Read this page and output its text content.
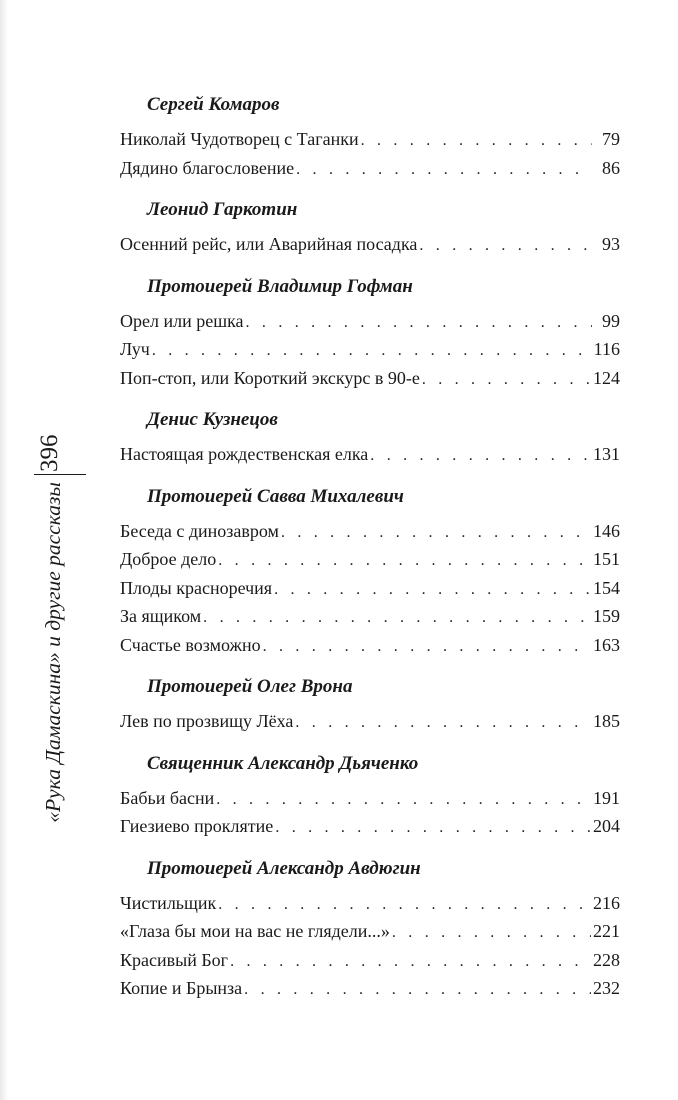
396
«Рука Дамаскина» и другие рассказы
Сергей Комаров
Николай Чудотворец с Таганки . . .	79
Дядино благословение . . .	86
Леонид Гаркотин
Осенний рейс, или Аварийная посадка . . .	93
Протоиерей Владимир Гофман
Орел или решка . . .	99
Луч . . .	116
Поп-стоп, или Короткий экскурс в 90-е . . .	124
Денис Кузнецов
Настоящая рождественская елка . . .	131
Протоиерей Савва Михалевич
Беседа с динозавром . . .	146
Доброе дело . . .	151
Плоды красноречия . . .	154
За ящиком . . .	159
Счастье возможно . . .	163
Протоиерей Олег Врона
Лев по прозвищу Лёха . . .	185
Священник Александр Дьяченко
Бабьи басни . . .	191
Гиезиево проклятие . . .	204
Протоиерей Александр Авдюгин
Чистильщик . . .	216
«Глаза бы мои на вас не глядели...» . . .	221
Красивый Бог . . .	228
Копие и Брынза . . .	232
